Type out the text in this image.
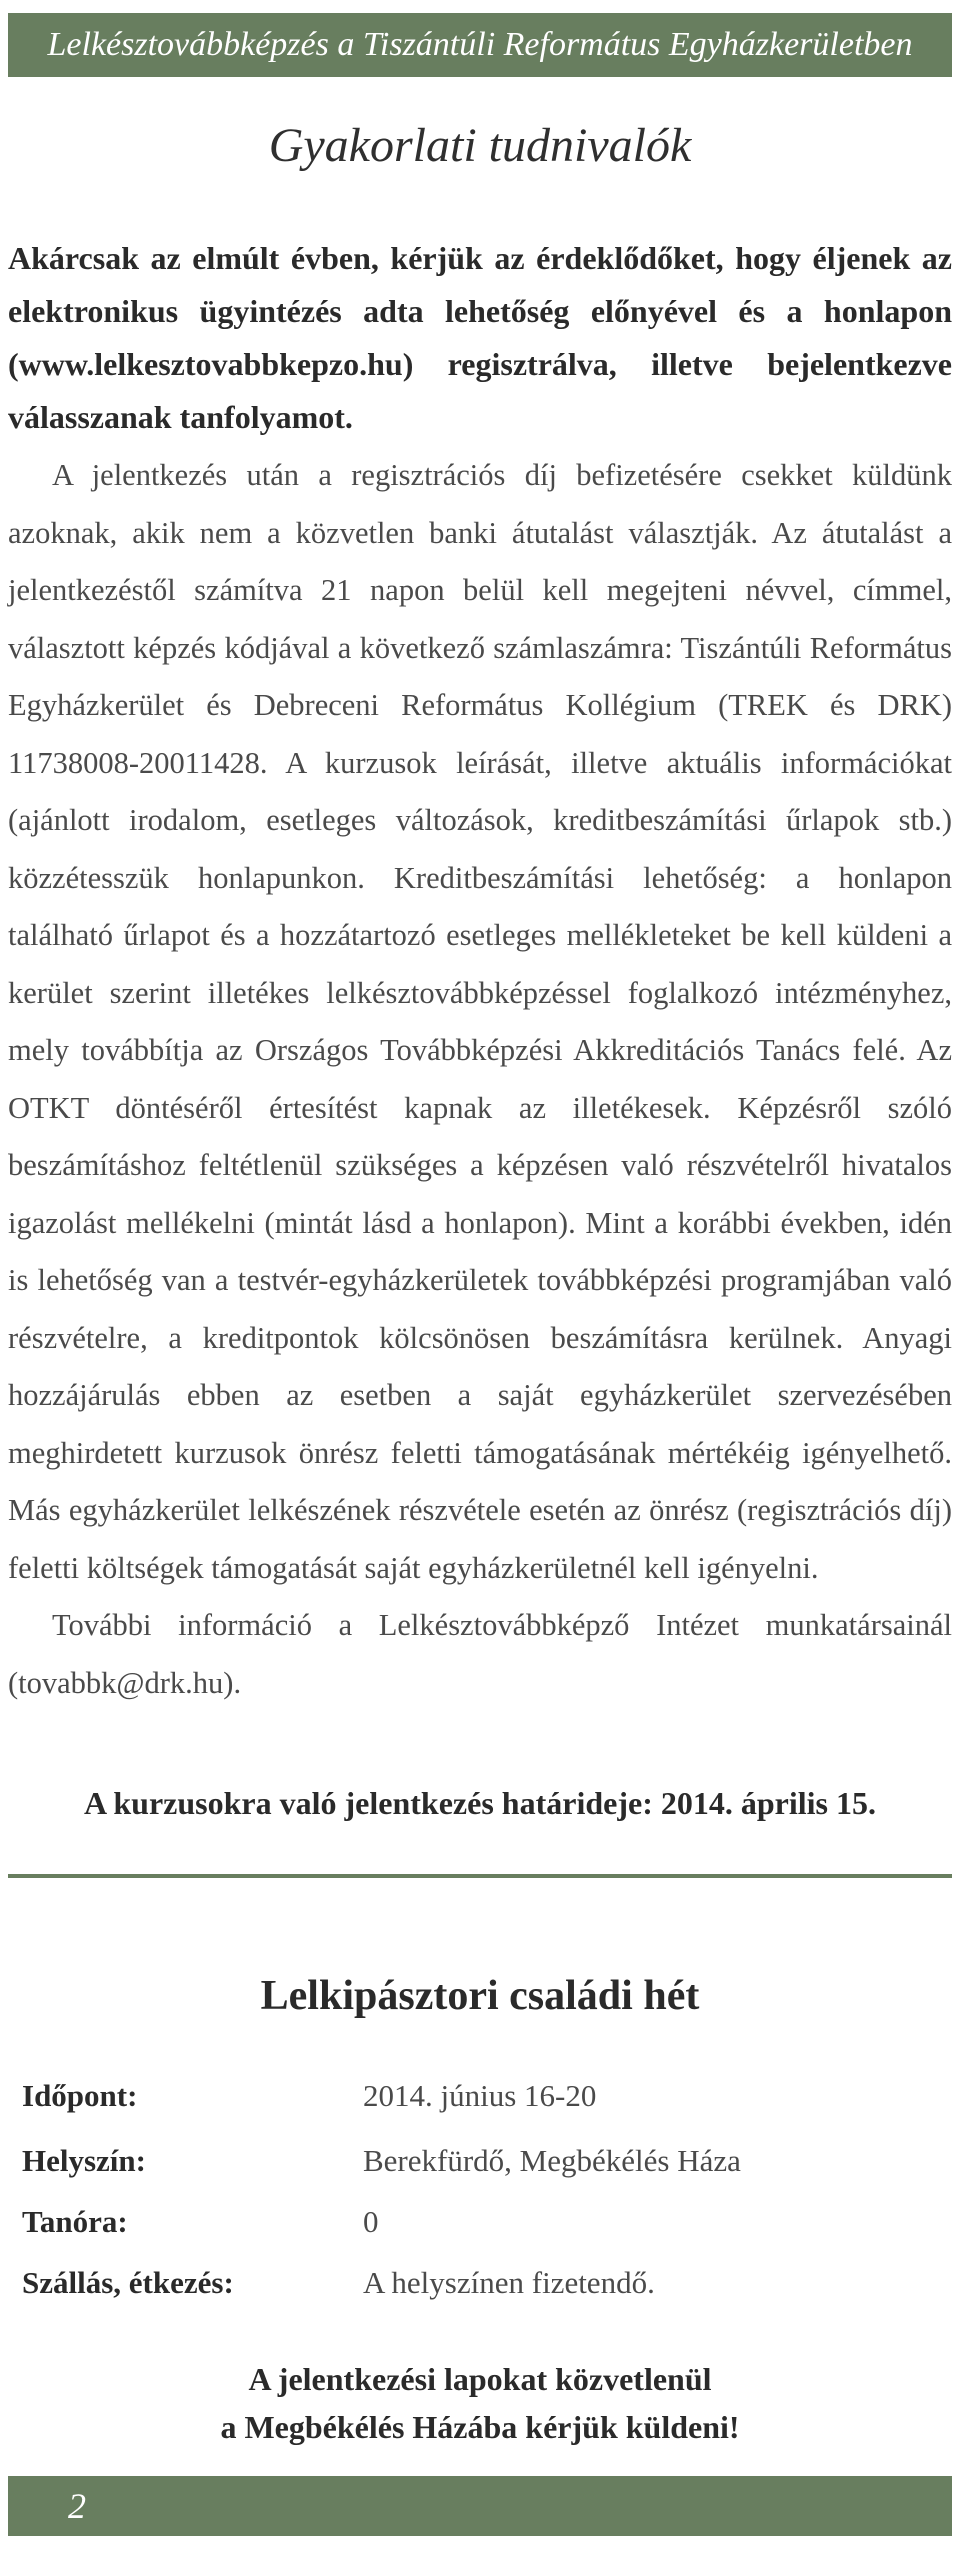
Lelkésztovábbképzés a Tiszántúli Református Egyházkerületben
Gyakorlati tudnivalók

Akárcsak az elmúlt évben, kérjük az érdeklődőket, hogy éljenek az elektronikus ügyintézés adta lehetőség előnyével és a honlapon (www.lelkesztovabbkepzo.hu) regisztrálva, illetve bejelentkezve válasszanak tanfolyamot.

A jelentkezés után a regisztrációs díj befizetésére csekket küldünk azoknak, akik nem a közvetlen banki átutalást választják. Az átutalást a jelentkezéstől számítva 21 napon belül kell megejteni névvel, címmel, választott képzés kódjával a következő számlaszámra: Tiszántúli Református Egyházkerület és Debreceni Református Kollégium (TREK és DRK) 11738008-20011428. A kurzusok leírását, illetve aktuális információkat (ajánlott irodalom, esetleges változások, kreditbeszámítási űrlapok stb.) közzétesszük honlapunkon. Kreditbeszámítási lehetőség: a honlapon található űrlapot és a hozzátartozó esetleges mellékleteket be kell küldeni a kerület szerint illetékes lelkésztovábbképzéssel foglalkozó intézményhez, mely továbbítja az Országos Továbbképzési Akkreditációs Tanács felé. Az OTKT döntéséről értesítést kapnak az illetékesek. Képzésről szóló beszámításhoz feltétlenül szükséges a képzésen való részvételről hivatalos igazolást mellékelni (mintát lásd a honlapon). Mint a korábbi években, idén is lehetőség van a testvér-egyházkerületek továbbképzési programjában való részvételre, a kreditpontok kölcsönösen beszámításra kerülnek. Anyagi hozzájárulás ebben az esetben a saját egyházkerület szervezésében meghirdetett kurzusok önrész feletti támogatásának mértékéig igényelhető. Más egyházkerület lelkészének részvétele esetén az önrész (regisztrációs díj) feletti költségek támogatását saját egyházkerületnél kell igényelni.

További információ a Lelkésztovábbképző Intézet munkatársainál (tovabbk@drk.hu).

A kurzusokra való jelentkezés határideje: 2014. április 15.

Lelkipásztori családi hét
Időpont:	2014. június 16-20
Helyszín:	Berekfürdő, Megbékélés Háza
Tanóra:	0
Szállás, étkezés:	A helyszínen fizetendő.

A jelentkezési lapokat közvetlenül
a Megbékélés Házába kérjük küldeni!

2
